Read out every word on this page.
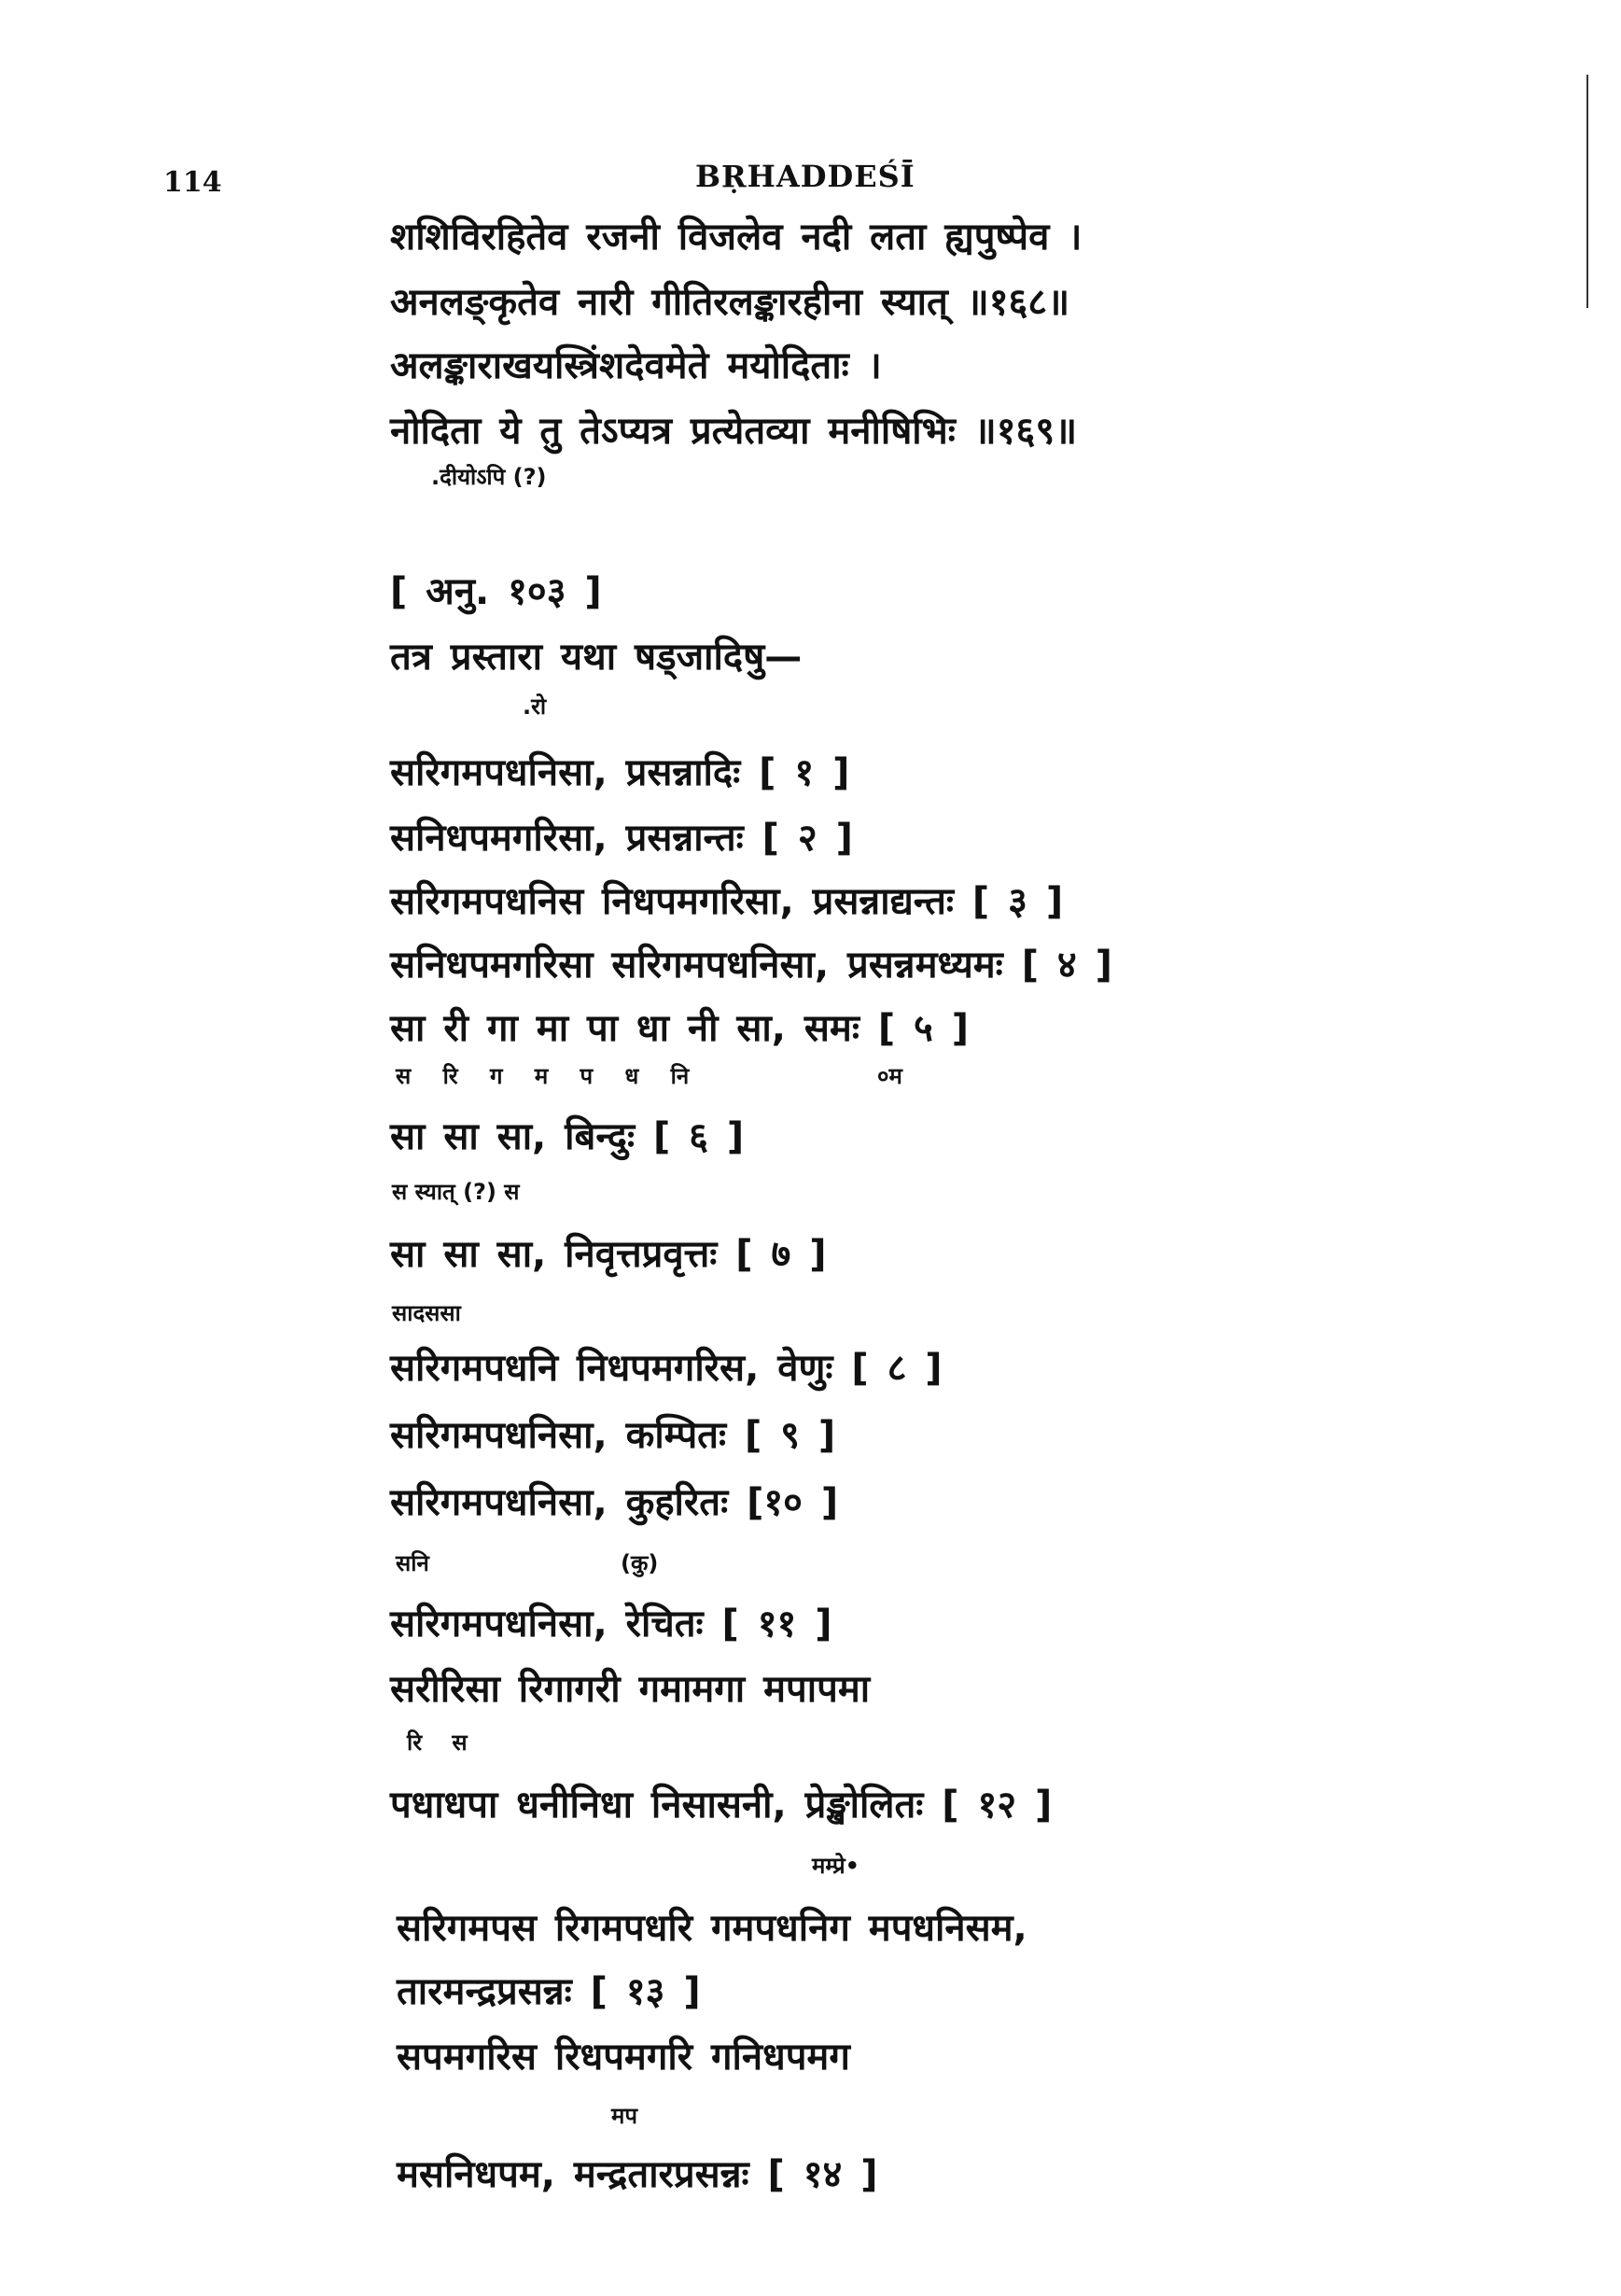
114	BṚHADDEŚĪ
शशिविरहितेव रजनी विजलेव नदी लता ह्यपुष्पेव ।
अनलङ्कृतेव नारी गीतिरलङ्कारहीना स्यात् ॥१६८॥
अलङ्काराखयस्त्रिंशदेवमेते मयोदिताः ।
नोदिता ये तु तेऽप्यत्र प्रत्येतव्या मनीषिभिः ॥१६९॥
.दीयोऽपि (?)
[ अनु. १०३ ]
तत्र प्रस्तारा यथा षड्जादिषु—
.रो
सरिगमपधनिसा, प्रसन्नादिः [ १ ]
सनिधपमगरिसा, प्रसन्नान्तः [ २ ]
सरिगमपधनिस निधपमगरिसा, प्रसन्नाद्यन्तः [ ३ ]
सनिधपमगरिसा सरिगमपधनिसा, प्रसन्नमध्यमः [ ४ ]
सा री गा मा पा धा नी सा, समः [ ५ ]
स रि ग म प ध नि	०म
सा सा सा, बिन्दुः [ ६ ]
स स्यात् (?) स
सा सा सा, निवृत्तप्रवृत्तः [ ७ ]
सादससा
सरिगमपधनि निधपमगरिस, वेणुः [ ८ ]
सरिगमपधनिसा, कम्पितः [ ९ ]
सरिगमपधनिसा, कुहरितः [१० ]
सनि	(कु)
सरिगमपधनिसा, रेचितः [ ११ ]
सरीरिसा रिगागरी गमामगा मपापमा
रि स
पधाधपा धनीनिधा निसासनी, प्रेङ्खोलितः [ १२ ]
मम्प्रे•
सरिगमपस रिगमपधरि गमपधनिग मपधनिसम,
तारमन्द्रप्रसन्नः [ १३ ]
सपमगरिस रिधपमगरि गनिधपमग
मप
मसनिधपम, मन्द्रतारप्रसन्नः [ १४ ]
